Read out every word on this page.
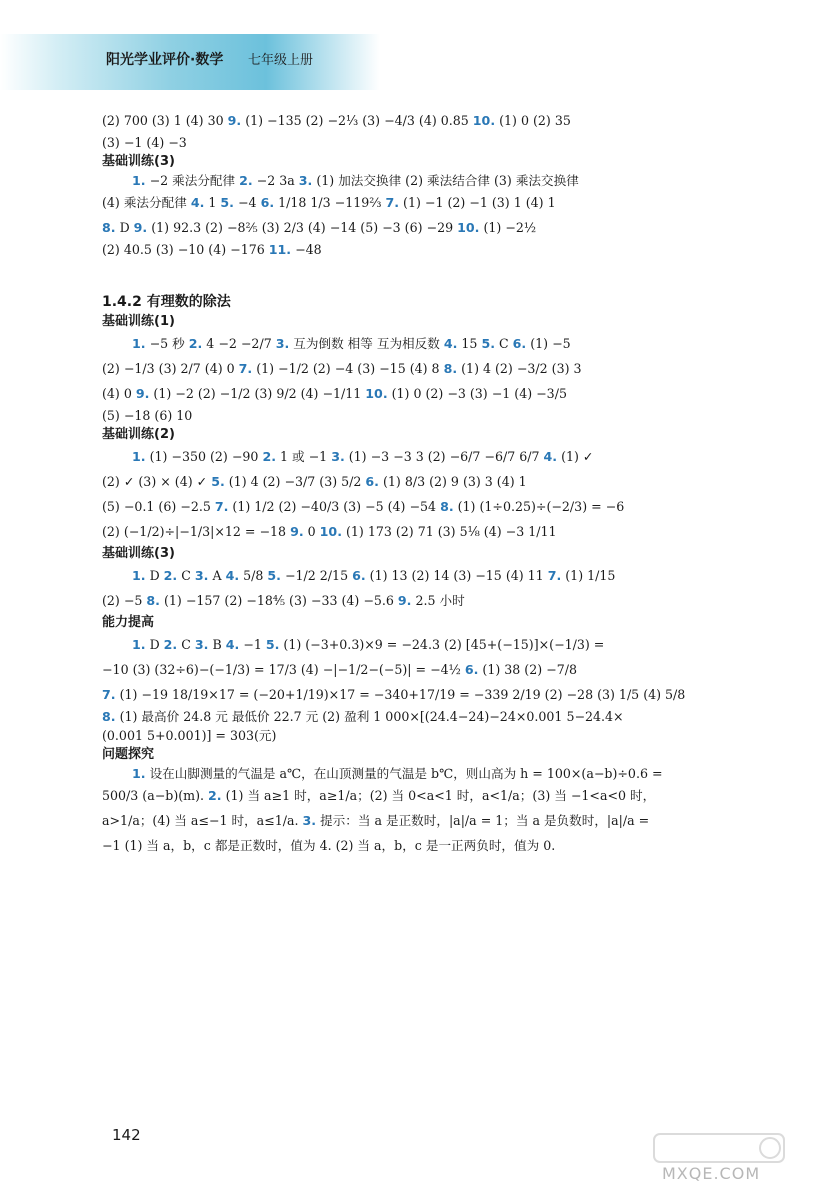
阳光学业评价·数学 七年级上册
(2) 700 (3) 1 (4) 30 9. (1) −135 (2) −2⅓ (3) −4/3 (4) 0.85 10. (1) 0 (2) 35
(3) −1 (4) −3
基础训练(3)
1. −2 乘法分配律 2. −2 3a 3. (1) 加法交换律 (2) 乘法结合律 (3) 乘法交换律
(4) 乘法分配律 4. 1 5. −4 6. 1/18 1/3 −119⅔ 7. (1) −1 (2) −1 (3) 1 (4) 1
8. D 9. (1) 92.3 (2) −8⅖ (3) 2/3 (4) −14 (5) −3 (6) −29 10. (1) −2½
(2) 40.5 (3) −10 (4) −176 11. −48
1.4.2 有理数的除法
基础训练(1)
1. −5 秒 2. 4 −2 −2/7 3. 互为倒数 相等 互为相反数 4. 15 5. C 6. (1) −5
(2) −1/3 (3) 2/7 (4) 0 7. (1) −1/2 (2) −4 (3) −15 (4) 8 8. (1) 4 (2) −3/2 (3) 3
(4) 0 9. (1) −2 (2) −1/2 (3) 9/2 (4) −1/11 10. (1) 0 (2) −3 (3) −1 (4) −3/5
(5) −18 (6) 10
基础训练(2)
1. (1) −350 (2) −90 2. 1 或 −1 3. (1) −3 −3 3 (2) −6/7 −6/7 6/7 4. (1) ✓
(2) ✓ (3) × (4) ✓ 5. (1) 4 (2) −3/7 (3) 5/2 6. (1) 8/3 (2) 9 (3) 3 (4) 1
(5) −0.1 (6) −2.5 7. (1) 1/2 (2) −40/3 (3) −5 (4) −54 8. (1) (1÷0.25)÷(−2/3) = −6
(2) (−1/2)÷|−1/3|×12 = −18 9. 0 10. (1) 173 (2) 71 (3) 5⅛ (4) −3 1/11
基础训练(3)
1. D 2. C 3. A 4. 5/8 5. −1/2 2/15 6. (1) 13 (2) 14 (3) −15 (4) 11 7. (1) 1/15
(2) −5 8. (1) −157 (2) −18⅘ (3) −33 (4) −5.6 9. 2.5 小时
能力提高
1. D 2. C 3. B 4. −1 5. (1) (−3+0.3)×9 = −24.3 (2) [45+(−15)]×(−1/3) =
−10 (3) (32÷6)−(−1/3) = 17/3 (4) −|−1/2−(−5)| = −4½ 6. (1) 38 (2) −7/8
7. (1) −19 18/19×17 = (−20+1/19)×17 = −340+17/19 = −339 2/19 (2) −28 (3) 1/5 (4) 5/8
8. (1) 最高价 24.8 元 最低价 22.7 元 (2) 盈利 1 000×[(24.4−24)−24×0.001 5−24.4×
(0.001 5+0.001)] = 303(元)
问题探究
1. 设在山脚测量的气温是 a℃，在山顶测量的气温是 b℃，则山高为 h = 100×(a−b)÷0.6 =
500/3 (a−b)(m). 2. (1) 当 a≥1 时，a≥1/a；(2) 当 0<a<1 时，a<1/a；(3) 当 −1<a<0 时，
a>1/a；(4) 当 a≤−1 时，a≤1/a. 3. 提示：当 a 是正数时，|a|/a = 1；当 a 是负数时，|a|/a =
−1 (1) 当 a，b，c 都是正数时，值为 4. (2) 当 a，b，c 是一正两负时，值为 0.
142
MXQE.COM
